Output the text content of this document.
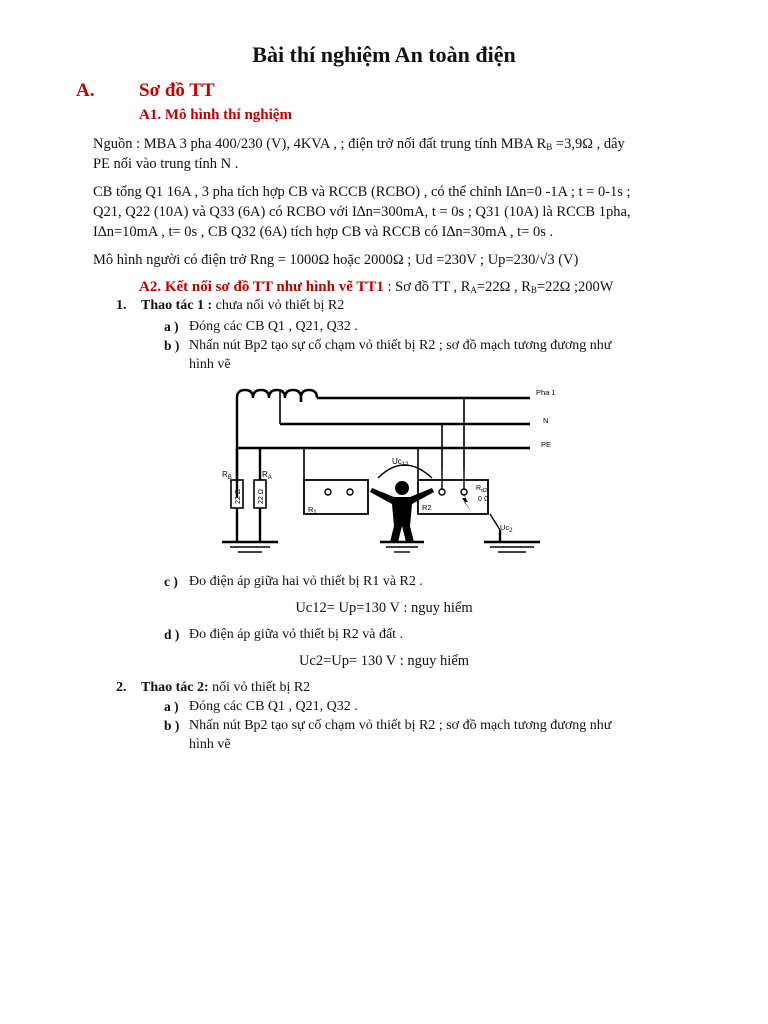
Bài thí nghiệm An toàn điện
A. Sơ đồ TT
A1. Mô hình thí nghiệm
Nguồn : MBA 3 pha 400/230 (V), 4KVA , ; điện trở nối đất trung tính MBA $R_B =3,9\Omega$ , dây
PE nối vào trung tính N .
CB tổng Q1 16A , 3 pha tích hợp CB và RCCB (RCBO) , có thể chỉnh I∆n=0 -1A ; t = 0-1s ;
Q21, Q22 (10A) và Q33 (6A) có RCBO với I∆n=300mA, t = 0s ; Q31 (10A) là RCCB 1pha,
I∆n=10mA , t= 0s , CB Q32 (6A) tích hợp CB và RCCB có I∆n=30mA , t= 0s .
Mô hình người có điện trở Rng = 1000Ω hoặc 2000Ω ; Ud =230V ; Up=230/√3 (V)
A2. Kết nối sơ đồ TT như hình vẽ TT1 : Sơ đồ TT , $R_A=22\Omega$ , $R_B=22\Omega$ ;200W
1. Thao tác 1 : chưa nối vỏ thiết bị R2
a ) Đóng các CB Q1 , Q21, Q32 .
b ) Nhấn nút Bp2 tạo sự cố chạm vỏ thiết bị R2 ; sơ đồ mạch tương đương như
hình vẽ
Pha 1
N
PE
$R_B$	$R_A$
22 Ω 22 Ω
$Uc_{12}$
$R_1$
R2
$R_{d2}$
0 Ω
$Uc_2$
c ) Đo điện áp giữa hai vỏ thiết bị R1 và R2 .
Uc12= Up=130 V : nguy hiểm
d ) Đo điện áp giữa vỏ thiết bị R2 và đất .
Uc2=Up= 130 V : nguy hiểm
2. Thao tác 2: nối vỏ thiết bị R2
a ) Đóng các CB Q1 , Q21, Q32 .
b ) Nhấn nút Bp2 tạo sự cố chạm vỏ thiết bị R2 ; sơ đồ mạch tương đương như
hình vẽ
